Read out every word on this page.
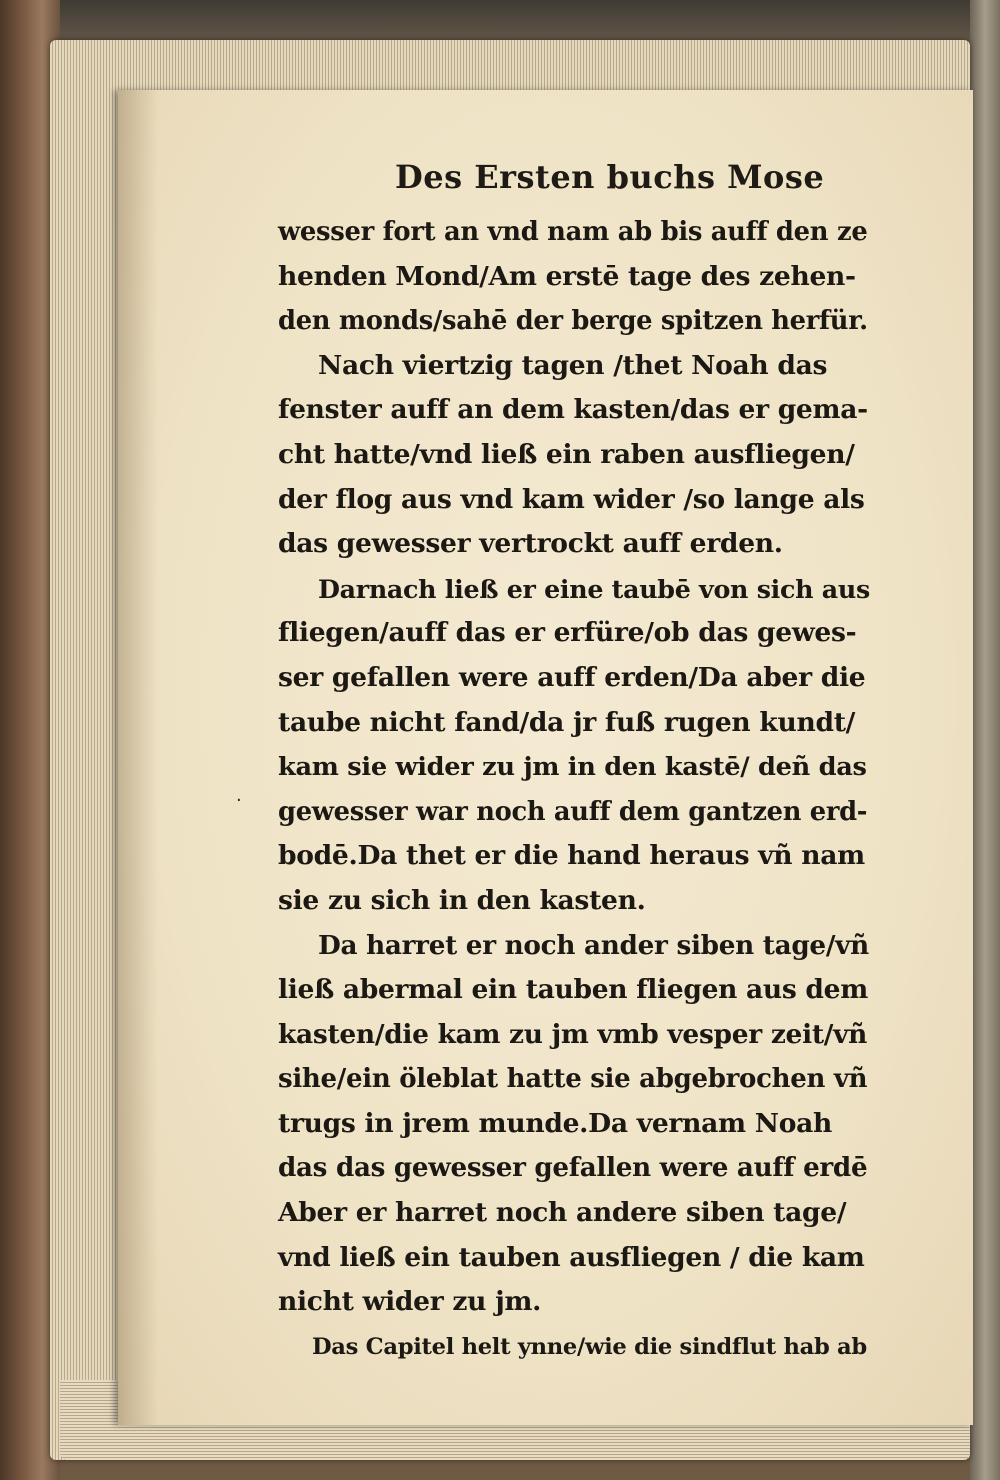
Des Ersten buchs Mose
wesser fort an vnd nam ab bis auff den ze
henden Mond/Am erstē tage des zehen-
den monds/sahē der berge spitzen herfür.
Nach viertzig tagen /thet Noah das
fenster auff an dem kasten/das er gema-
cht hatte/vnd ließ ein raben ausfliegen/
der flog aus vnd kam wider /so lange als
das gewesser vertrockt auff erden.
Darnach ließ er eine taubē von sich aus
fliegen/auff das er erfüre/ob das gewes-
ser gefallen were auff erden/Da aber die
taube nicht fand/da jr fuß rugen kundt/
kam sie wider zu jm in den kastē/ deñ das
gewesser war noch auff dem gantzen erd-
bodē.Da thet er die hand heraus vñ nam
sie zu sich in den kasten.
Da harret er noch ander siben tage/vñ
ließ abermal ein tauben fliegen aus dem
kasten/die kam zu jm vmb vesper zeit/vñ
sihe/ein öleblat hatte sie abgebrochen vñ
trugs in jrem munde.Da vernam Noah
das das gewesser gefallen were auff erdē
Aber er harret noch andere siben tage/
vnd ließ ein tauben ausfliegen / die kam
nicht wider zu jm.
Das Capitel helt ynne/wie die sindflut hab ab
·
